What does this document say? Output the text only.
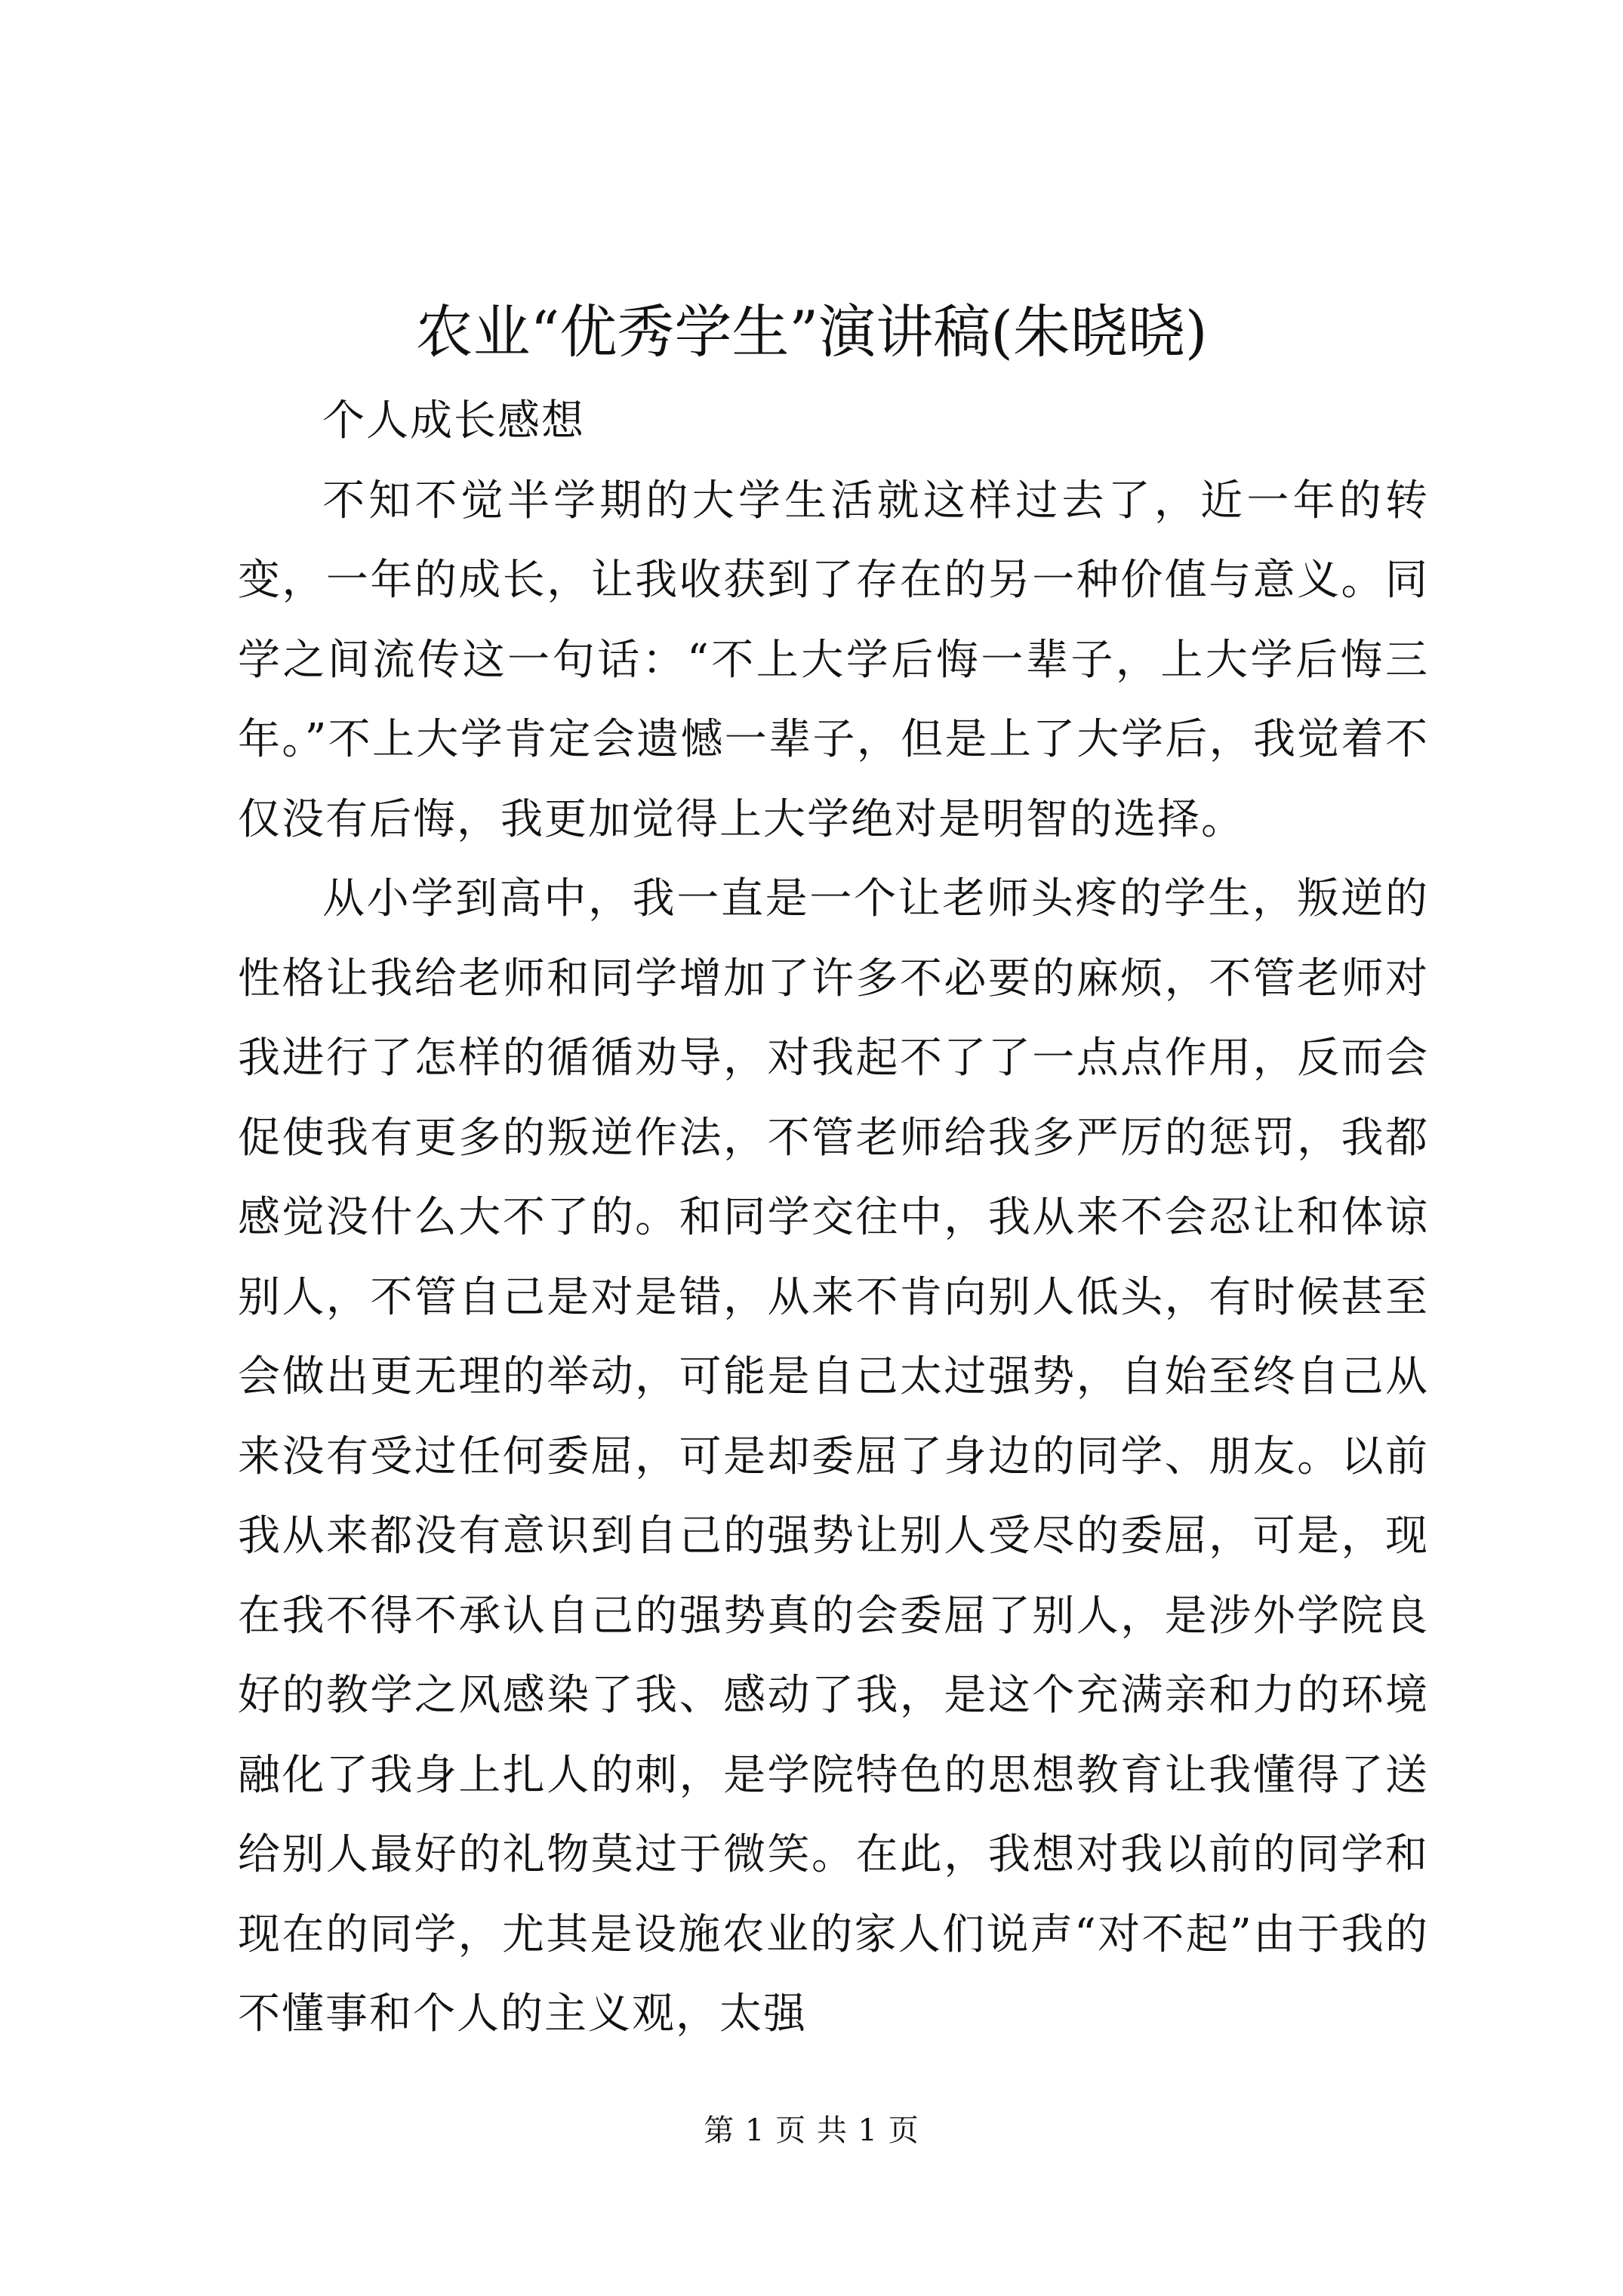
农业“优秀学生”演讲稿(朱晓晓)

个人成长感想

不知不觉半学期的大学生活就这样过去了，近一年的转变，一年的成长，让我收获到了存在的另一种价值与意义。同学之间流传这一句话：“不上大学后悔一辈子，上大学后悔三年。”不上大学肯定会遗憾一辈子，但是上了大学后，我觉着不仅没有后悔，我更加觉得上大学绝对是明智的选择。

从小学到高中，我一直是一个让老师头疼的学生，叛逆的性格让我给老师和同学增加了许多不必要的麻烦，不管老师对我进行了怎样的循循劝导，对我起不了了一点点作用，反而会促使我有更多的叛逆作法，不管老师给我多严厉的惩罚，我都感觉没什么大不了的。和同学交往中，我从来不会忍让和体谅别人，不管自己是对是错，从来不肯向别人低头，有时候甚至会做出更无理的举动，可能是自己太过强势，自始至终自己从来没有受过任何委屈，可是却委屈了身边的同学、朋友。以前我从来都没有意识到自己的强势让别人受尽的委屈，可是，现在我不得不承认自己的强势真的会委屈了别人，是涉外学院良好的教学之风感染了我、感动了我，是这个充满亲和力的环境融化了我身上扎人的刺，是学院特色的思想教育让我懂得了送给别人最好的礼物莫过于微笑。在此，我想对我以前的同学和现在的同学，尤其是设施农业的家人们说声“对不起”由于我的不懂事和个人的主义观，太强

第 1 页 共 1 页
